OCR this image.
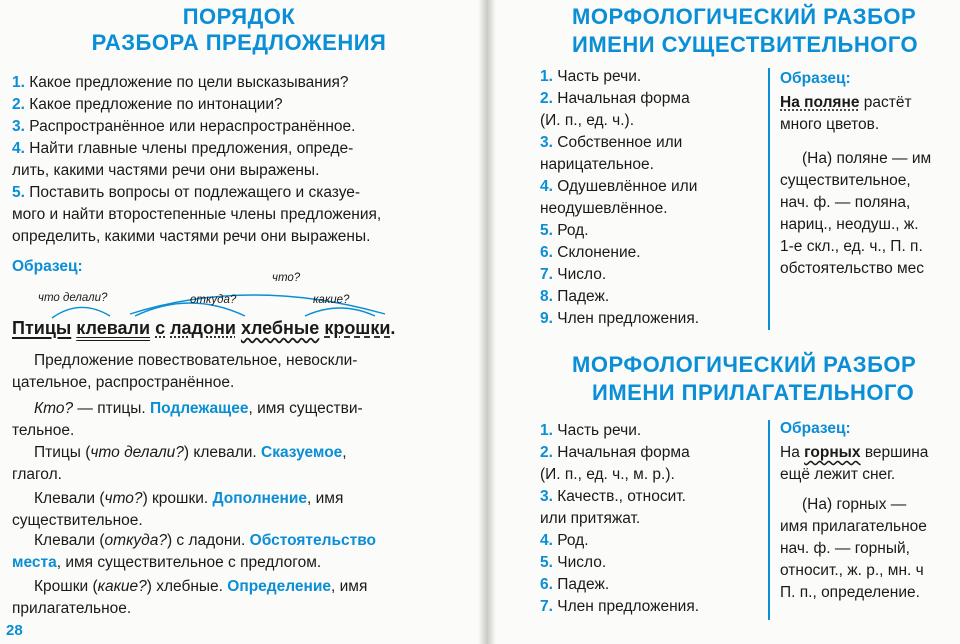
ПОРЯДОК
РАЗБОРА ПРЕДЛОЖЕНИЯ
1. Какое предложение по цели высказывания?
2. Какое предложение по интонации?
3. Распространённое или нераспространённое.
4. Найти главные члены предложения, опреде-
лить, какими частями речи они выражены.
5. Поставить вопросы от подлежащего и сказуе-
мого и найти второстепенные члены предложения,
определить, какими частями речи они выражены.
Образец:
что делали?	откуда?	какие?
что?
Птицы клевали с ладони хлебные крошки.
Предложение повествовательное, невоскли-
цательное, распространённое.
Кто? — птицы. Подлежащее, имя существи-
тельное.
Птицы (что делали?) клевали. Сказуемое,
глагол.
Клевали (что?) крошки. Дополнение, имя
существительное.
Клевали (откуда?) с ладони. Обстоятельство
места, имя существительное с предлогом.
Крошки (какие?) хлебные. Определение, имя
прилагательное.
28
МОРФОЛОГИЧЕСКИЙ РАЗБОР
ИМЕНИ СУЩЕСТВИТЕЛЬНОГО
1. Часть речи.
2. Начальная форма
(И. п., ед. ч.).
3. Собственное или
нарицательное.
4. Одушевлённое или
неодушевлённое.
5. Род.
6. Склонение.
7. Число.
8. Падеж.
9. Член предложения.
Образец:
На поляне растёт
много цветов.
(На) поляне — им
существительное,
нач. ф. — поляна,
нариц., неодуш., ж.
1-е скл., ед. ч., П. п.
обстоятельство мес
МОРФОЛОГИЧЕСКИЙ РАЗБОР
ИМЕНИ ПРИЛАГАТЕЛЬНОГО
1. Часть речи.
2. Начальная форма
(И. п., ед. ч., м. р.).
3. Качеств., относит.
или притяжат.
4. Род.
5. Число.
6. Падеж.
7. Член предложения.
Образец:
На горных вершина
ещё лежит снег.
(На) горных —
имя прилагательное
нач. ф. — горный,
относит., ж. р., мн. ч
П. п., определение.
